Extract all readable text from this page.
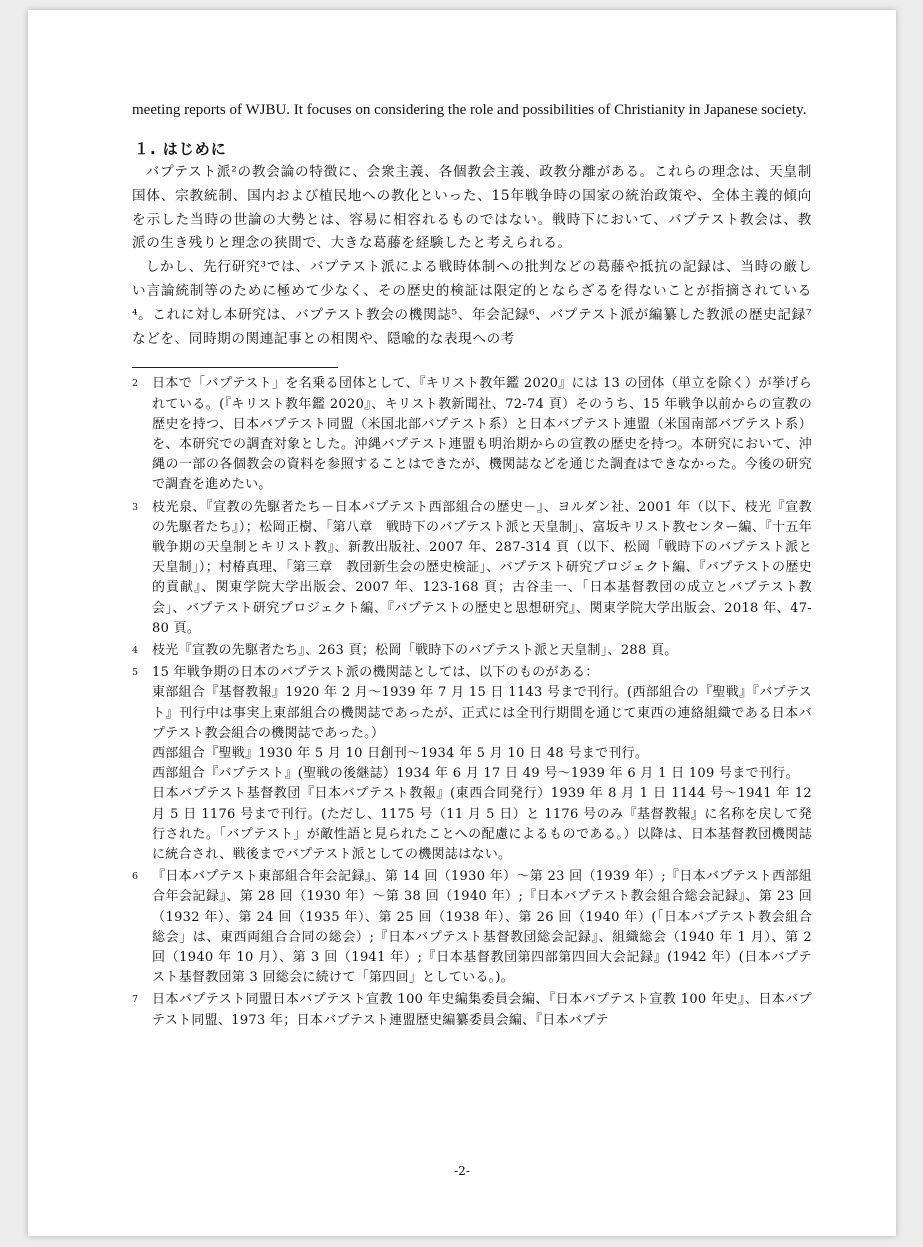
meeting reports of WJBU. It focuses on considering the role and possibilities of Christianity in Japanese society.

１. はじめに

バプテスト派²の教会論の特徴に、会衆主義、各個教会主義、政教分離がある。これらの理念は、天皇制国体、宗教統制、国内および植民地への教化といった、15年戦争時の国家の統治政策や、全体主義的傾向を示した当時の世論の大勢とは、容易に相容れるものではない。戦時下において、バプテスト教会は、教派の生き残りと理念の狭間で、大きな葛藤を経験したと考えられる。

しかし、先行研究³では、バプテスト派による戦時体制への批判などの葛藤や抵抗の記録は、当時の厳しい言論統制等のために極めて少なく、その歴史的検証は限定的とならざるを得ないことが指摘されている⁴。これに対し本研究は、バプテスト教会の機関誌⁵、年会記録⁶、バプテスト派が編纂した教派の歴史記録⁷などを、同時期の関連記事との相関や、隠喩的な表現への考

2 日本で「バプテスト」を名乗る団体として、『キリスト教年鑑 2020』には 13 の団体（単立を除く）が挙げられている。(『キリスト教年鑑 2020』、キリスト教新聞社、72-74 頁）そのうち、15 年戦争以前からの宣教の歴史を持つ、日本バプテスト同盟（米国北部バプテスト系）と日本バプテスト連盟（米国南部バプテスト系）を、本研究での調査対象とした。沖縄バプテスト連盟も明治期からの宣教の歴史を持つ。本研究において、沖縄の一部の各個教会の資料を参照することはできたが、機関誌などを通じた調査はできなかった。今後の研究で調査を進めたい。
3 枝光泉、『宣教の先駆者たち－日本バプテスト西部組合の歴史－』、ヨルダン社、2001 年（以下、枝光『宣教の先駆者たち』）；松岡正樹、「第八章　戦時下のバプテスト派と天皇制」、富坂キリスト教センター編、『十五年戦争期の天皇制とキリスト教』、新教出版社、2007 年、287-314 頁（以下、松岡「戦時下のバプテスト派と天皇制」）；村椿真理、「第三章　教団新生会の歴史検証」、バプテスト研究プロジェクト編、『バプテストの歴史的貢献』、関東学院大学出版会、2007 年、123-168 頁；古谷圭一、「日本基督教団の成立とバプテスト教会」、バプテスト研究プロジェクト編、『バプテストの歴史と思想研究』、関東学院大学出版会、2018 年、47-80 頁。
4 枝光『宣教の先駆者たち』、263 頁；松岡「戦時下のバプテスト派と天皇制」、288 頁。
5 15 年戦争期の日本のバプテスト派の機関誌としては、以下のものがある：
東部組合『基督教報』1920 年 2 月～1939 年 7 月 15 日 1143 号まで刊行。(西部組合の『聖戦』『バプテスト』刊行中は事実上東部組合の機関誌であったが、正式には全刊行期間を通じて東西の連絡組織である日本バプテスト教会組合の機関誌であった。）
西部組合『聖戦』1930 年 5 月 10 日創刊～1934 年 5 月 10 日 48 号まで刊行。
西部組合『バプテスト』(聖戦の後継誌）1934 年 6 月 17 日 49 号～1939 年 6 月 1 日 109 号まで刊行。
日本バプテスト基督教団『日本バプテスト教報』(東西合同発行）1939 年 8 月 1 日 1144 号～1941 年 12 月 5 日 1176 号まで刊行。(ただし、1175 号（11 月 5 日）と 1176 号のみ『基督教報』に名称を戻して発行された。「バプテスト」が敵性語と見られたことへの配慮によるものである。）以降は、日本基督教団機関誌に統合され、戦後までバプテスト派としての機関誌はない。
6 『日本バプテスト東部組合年会記録』、第 14 回（1930 年）～第 23 回（1939 年）;『日本バプテスト西部組合年会記録』、第 28 回（1930 年）～第 38 回（1940 年）;『日本バプテスト教会組合総会記録』、第 23 回（1932 年）、第 24 回（1935 年）、第 25 回（1938 年）、第 26 回（1940 年）(「日本バプテスト教会組合総会」は、東西両組合合同の総会）;『日本バプテスト基督教団総会記録』、組織総会（1940 年 1 月）、第 2 回（1940 年 10 月）、第 3 回（1941 年）;『日本基督教団第四部第四回大会記録』(1942 年）(日本バプテスト基督教団第 3 回総会に続けて「第四回」としている。)。
7 日本バプテスト同盟日本バプテスト宣教 100 年史編集委員会編、『日本バプテスト宣教 100 年史』、日本バプテスト同盟、1973 年；日本バプテスト連盟歴史編纂委員会編、『日本バプテ
-2-
